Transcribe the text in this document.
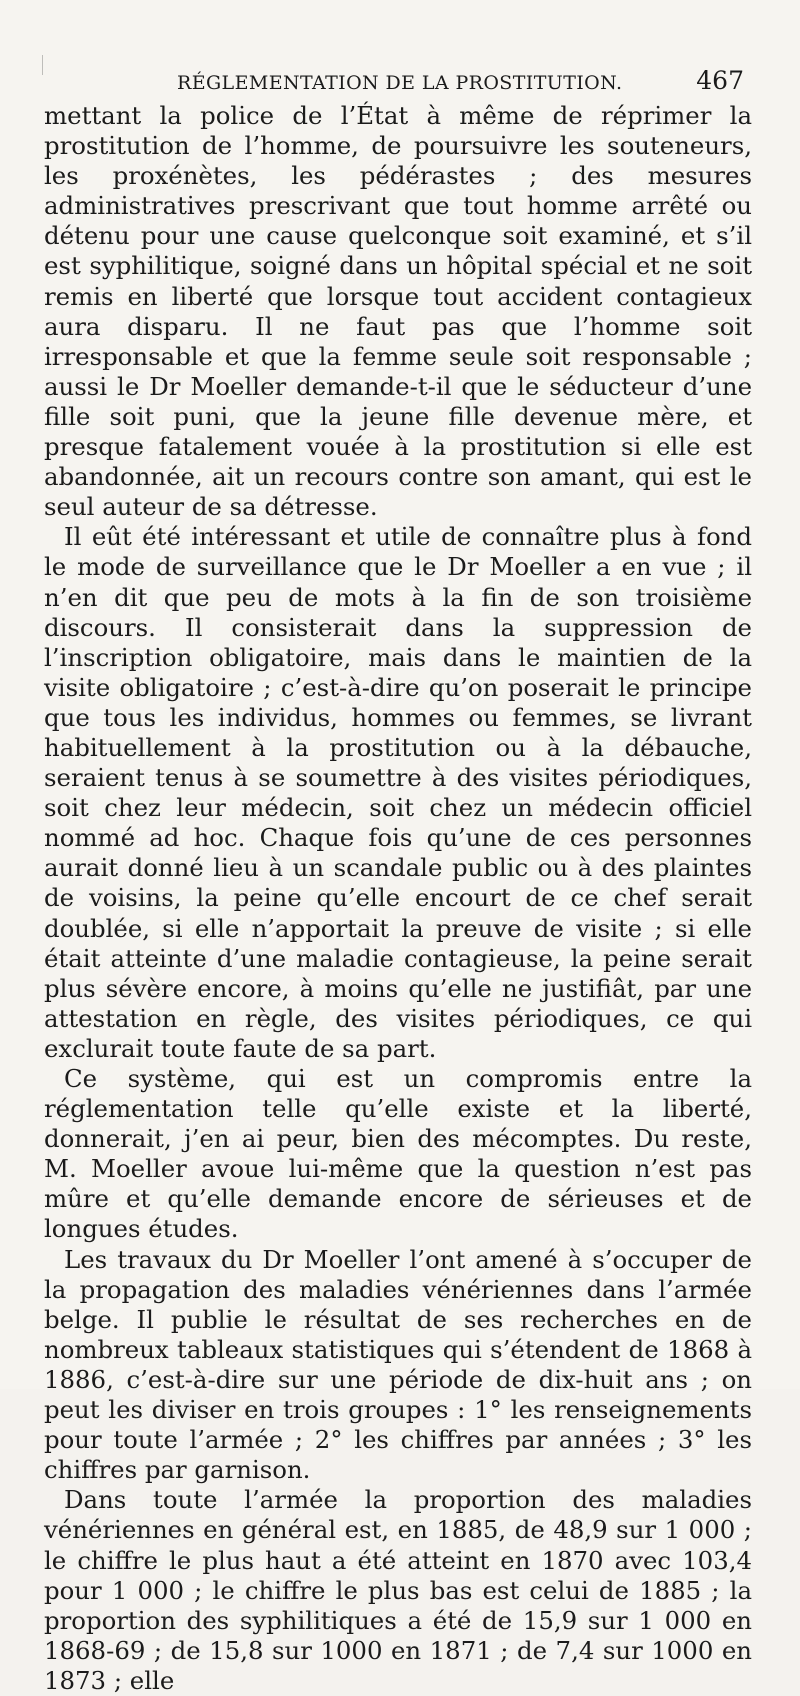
RÉGLEMENTATION DE LA PROSTITUTION.	467

mettant la police de l’État à même de réprimer la prostitution de l’homme, de poursuivre les souteneurs, les proxénètes, les pédérastes ; des mesures administratives prescrivant que tout homme arrêté ou détenu pour une cause quelconque soit examiné, et s’il est syphilitique, soigné dans un hôpital spécial et ne soit remis en liberté que lorsque tout accident contagieux aura disparu. Il ne faut pas que l’homme soit irresponsable et que la femme seule soit responsable ; aussi le Dr Moeller demande-t-il que le séducteur d’une fille soit puni, que la jeune fille devenue mère, et presque fatalement vouée à la prostitution si elle est abandonnée, ait un recours contre son amant, qui est le seul auteur de sa détresse.

Il eût été intéressant et utile de connaître plus à fond le mode de surveillance que le Dr Moeller a en vue ; il n’en dit que peu de mots à la fin de son troisième discours. Il consisterait dans la suppression de l’inscription obligatoire, mais dans le maintien de la visite obligatoire ; c’est-à-dire qu’on poserait le principe que tous les individus, hommes ou femmes, se livrant habituellement à la prostitution ou à la débauche, seraient tenus à se soumettre à des visites périodiques, soit chez leur médecin, soit chez un médecin officiel nommé ad hoc. Chaque fois qu’une de ces personnes aurait donné lieu à un scandale public ou à des plaintes de voisins, la peine qu’elle encourt de ce chef serait doublée, si elle n’apportait la preuve de visite ; si elle était atteinte d’une maladie contagieuse, la peine serait plus sévère encore, à moins qu’elle ne justifiât, par une attestation en règle, des visites périodiques, ce qui exclurait toute faute de sa part.

Ce système, qui est un compromis entre la réglementation telle qu’elle existe et la liberté, donnerait, j’en ai peur, bien des mécomptes. Du reste, M. Moeller avoue lui-même que la question n’est pas mûre et qu’elle demande encore de sérieuses et de longues études.

Les travaux du Dr Moeller l’ont amené à s’occuper de la propagation des maladies vénériennes dans l’armée belge. Il publie le résultat de ses recherches en de nombreux tableaux statistiques qui s’étendent de 1868 à 1886, c’est-à-dire sur une période de dix-huit ans ; on peut les diviser en trois groupes : 1° les renseignements pour toute l’armée ; 2° les chiffres par années ; 3° les chiffres par garnison.

Dans toute l’armée la proportion des maladies vénériennes en général est, en 1885, de 48,9 sur 1 000 ; le chiffre le plus haut a été atteint en 1870 avec 103,4 pour 1 000 ; le chiffre le plus bas est celui de 1885 ; la proportion des syphilitiques a été de 15,9 sur 1 000 en 1868-69 ; de 15,8 sur 1000 en 1871 ; de 7,4 sur 1000 en 1873 ; elle
